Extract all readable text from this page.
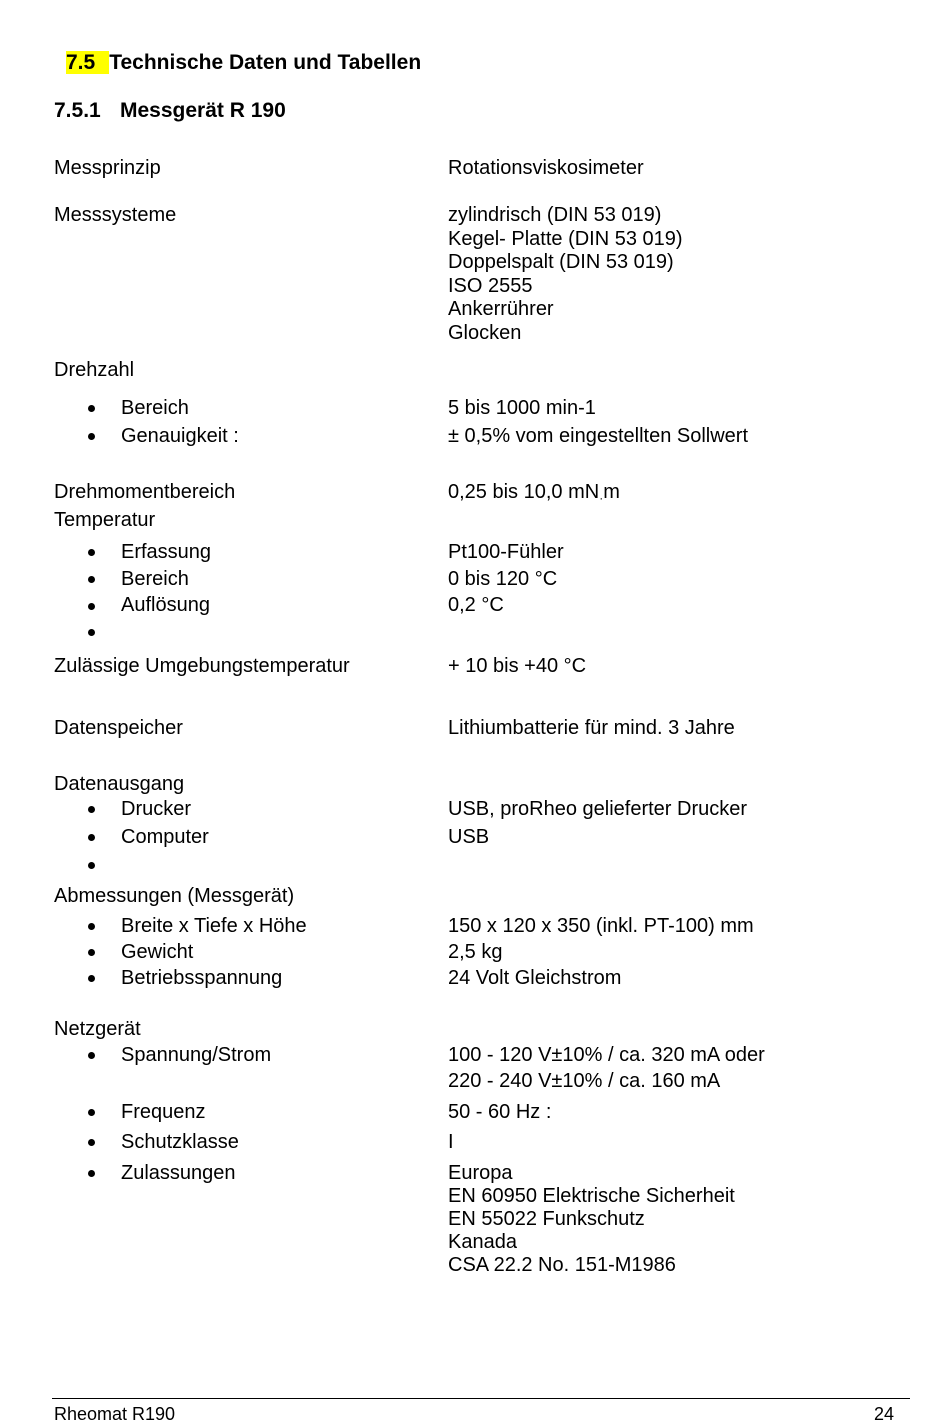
7.5 Technische Daten und Tabellen
7.5.1 Messgerät R 190
Messprinzip	Rotationsviskosimeter
Messsysteme	zylindrisch (DIN 53 019)
Kegel- Platte (DIN 53 019)
Doppelspalt (DIN 53 019)
ISO 2555
Ankerrührer
Glocken
Drehzahl
Bereich	5 bis 1000 min-1
Genauigkeit :	± 0,5% vom eingestellten Sollwert
Drehmomentbereich	0,25 bis 10,0 $mN_\cdot m$
Temperatur
Erfassung	Pt100-Fühler
Bereich	0 bis 120 °C
Auflösung	0,2 °C
Zulässige Umgebungstemperatur	+ 10 bis +40 °C
Datenspeicher	Lithiumbatterie für mind. 3 Jahre
Datenausgang
Drucker	USB, proRheo gelieferter Drucker
Computer	USB
Abmessungen (Messgerät)
Breite x Tiefe x Höhe	150 x 120 x 350 (inkl. PT-100) mm
Gewicht	2,5 kg
Betriebsspannung	24 Volt Gleichstrom
Netzgerät
Spannung/Strom	100 - 120 V±10% / ca. 320 mA oder
220 - 240 V±10% / ca. 160 mA
Frequenz	50 - 60 Hz :
Schutzklasse	I
Zulassungen	Europa
EN 60950 Elektrische Sicherheit
EN 55022 Funkschutz
Kanada
CSA 22.2 No. 151-M1986
Rheomat R190	24
